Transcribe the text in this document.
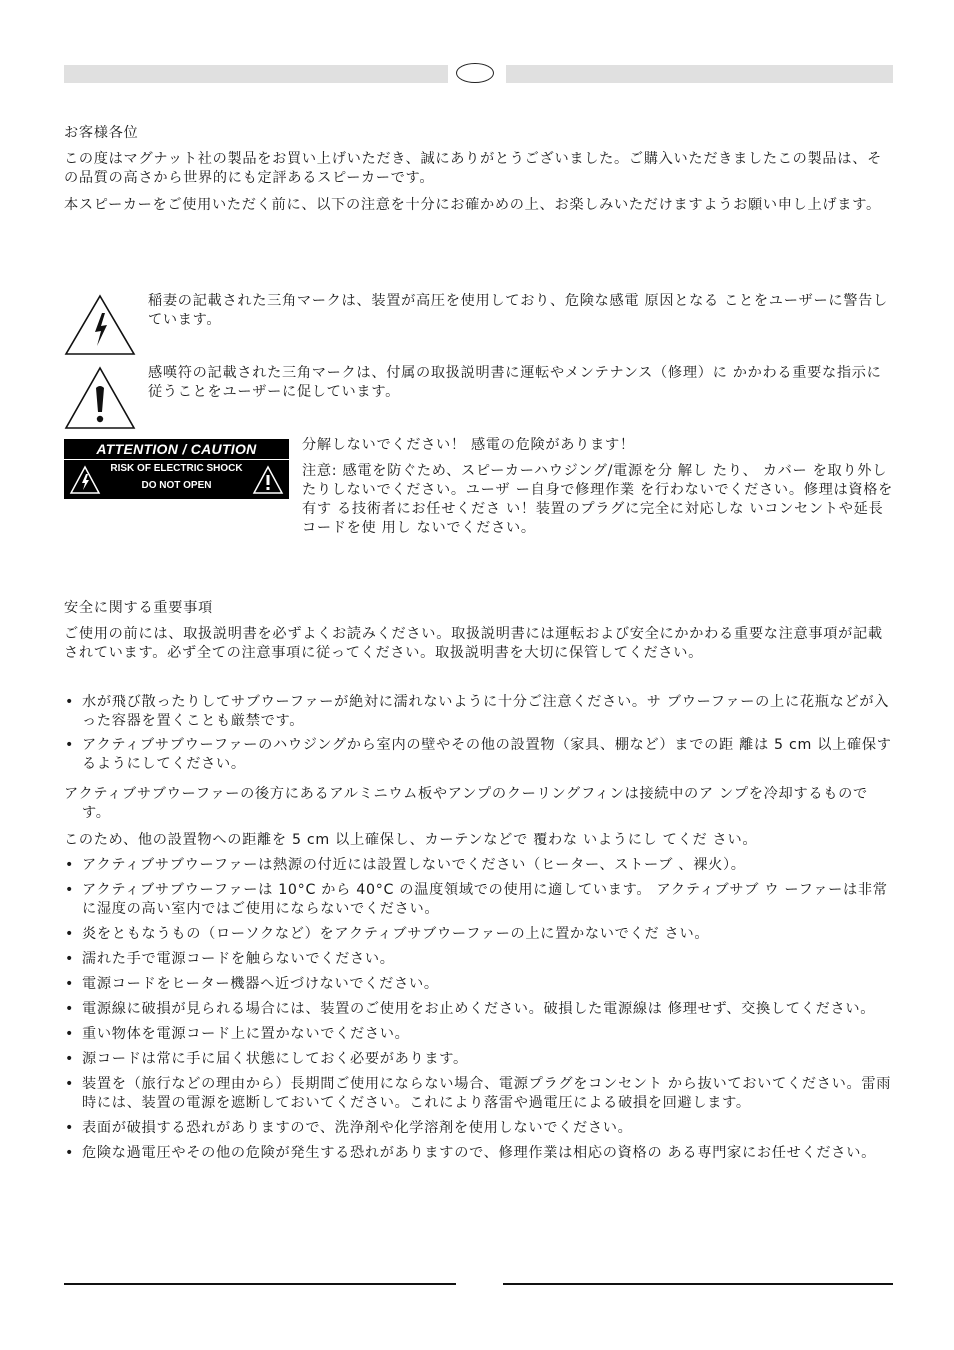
お客様各位

この度はマグナット社の製品をお買い上げいただき、誠にありがとうございました。ご購入いただきましたこの製品は、その品質の高さから世界的にも定評あるスピーカーです。

本スピーカーをご使用いただく前に、以下の注意を十分にお確かめの上、お楽しみいただけますようお願い申し上げます。

稲妻の記載された三角マークは、装置が高圧を使用しており、危険な感電 原因となる ことをユーザーに警告しています。

感嘆符の記載された三角マークは、付属の取扱説明書に運転やメンテナンス（修理）に かかわる重要な指示に従うことをユーザーに促しています。

ATTENTION / CAUTION
RISK OF ELECTRIC SHOCK
DO NOT OPEN

分解しないでください！ 感電の危険があります！

注意: 感電を防ぐため、スピーカーハウジング/電源を分 解し たり、 カバー を取り外したりしないでください。ユーザ ー自身で修理作業 を行わないでください。修理は資格を有す る技術者にお任せくださ い！装置のプラグに完全に対応しな いコンセントや延長コードを使 用し ないでください。

安全に関する重要事項

ご使用の前には、取扱説明書を必ずよくお読みください。取扱説明書には運転および安全にかかわる重要な注意事項が記載されています。必ず全ての注意事項に従ってください。取扱説明書を大切に保管してください。

• 水が飛び散ったりしてサブウーファーが絶対に濡れないように十分ご注意ください。サ ブウーファーの上に花瓶などが入った容器を置くことも厳禁です。
• アクティブサブウーファーのハウジングから室内の壁やその他の設置物（家具、棚など）までの距 離は 5 cm 以上確保するようにしてください。

アクティブサブウーファーの後方にあるアルミニウム板やアンプのクーリングフィンは接続中のア ンプを冷却するものです。

このため、他の設置物への距離を 5 cm 以上確保し、カーテンなどで 覆わな いようにし てくだ さい。

• アクティブサブウーファーは熱源の付近には設置しないでください（ヒーター、ストーブ 、裸火）。
• アクティブサブウーファーは 10°C から 40°C の温度領域での使用に適しています。 アクティブサブ ウ ーファーは非常に湿度の高い室内ではご使用にならないでください。
• 炎をともなうもの（ローソクなど）をアクティブサブウーファーの上に置かないでくだ さい。
• 濡れた手で電源コードを触らないでください。
• 電源コードをヒーター機器へ近づけないでください。
• 電源線に破損が見られる場合には、装置のご使用をお止めください。破損した電源線は 修理せず、交換してください。
• 重い物体を電源コード上に置かないでください。
• 源コードは常に手に届く状態にしておく必要があります。
• 装置を（旅行などの理由から）長期間ご使用にならない場合、電源プラグをコンセント から抜いておいてください。雷雨時には、装置の電源を遮断しておいてください。これにより落雷や過電圧による破損を回避します。
• 表面が破損する恐れがありますので、洗浄剤や化学溶剤を使用しないでください。
• 危険な過電圧やその他の危険が発生する恐れがありますので、修理作業は相応の資格の ある専門家にお任せください。
